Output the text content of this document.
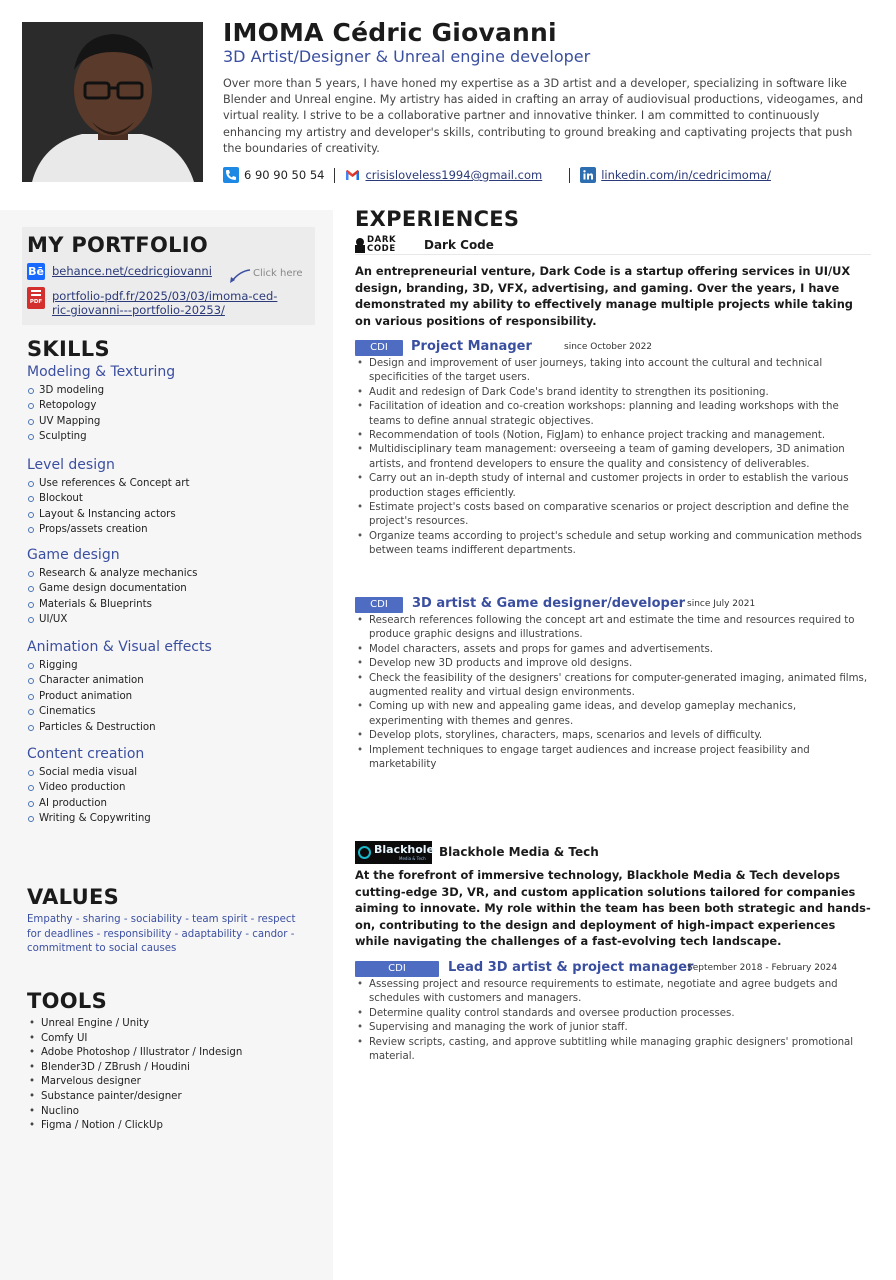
IMOMA Cédric Giovanni
3D Artist/Designer & Unreal engine developer
Over more than 5 years, I have honed my expertise as a 3D artist and a developer, specializing in software like Blender and Unreal engine. My artistry has aided in crafting an array of audiovisual productions, videogames, and virtual reality. I strive to be a collaborative partner and innovative thinker. I am committed to continuously enhancing my artistry and developer's skills, contributing to ground breaking and captivating projects that push the boundaries of creativity.
6 90 90 50 54	crisisloveless1994@gmail.com	linkedin.com/in/cedricimoma/
MY PORTFOLIO
Bē behance.net/cedricgiovanni	Click here
PDF portfolio-pdf.fr/2025/03/03/imoma-ced-
ric-giovanni---portfolio-20253/
SKILLS
Modeling & Texturing
3D modeling
Retopology
UV Mapping
Sculpting
Level design
Use references & Concept art
Blockout
Layout & Instancing actors
Props/assets creation
Game design
Research & analyze mechanics
Game design documentation
Materials & Blueprints
UI/UX
Animation & Visual effects
Rigging
Character animation
Product animation
Cinematics
Particles & Destruction
Content creation
Social media visual
Video production
AI production
Writing & Copywriting
VALUES
Empathy - sharing - sociability - team spirit - respect for deadlines - responsibility - adaptability - candor - commitment to social causes
TOOLS
• Unreal Engine / Unity
• Comfy UI
• Adobe Photoshop / Illustrator / Indesign
• Blender3D / ZBrush / Houdini
• Marvelous designer
• Substance painter/designer
• Nuclino
• Figma / Notion / ClickUp
EXPERIENCES
DARK
CODE Dark Code
An entrepreneurial venture, Dark Code is a startup offering services in UI/UX design, branding, 3D, VFX, advertising, and gaming. Over the years, I have demonstrated my ability to effectively manage multiple projects while taking on various positions of responsibility.
CDI	Project Manager	since October 2022
• Design and improvement of user journeys, taking into account the cultural and technical specificities of the target users.
• Audit and redesign of Dark Code's brand identity to strengthen its positioning.
• Facilitation of ideation and co-creation workshops: planning and leading workshops with the teams to define annual strategic objectives.
• Recommendation of tools (Notion, FigJam) to enhance project tracking and management.
• Multidisciplinary team management: overseeing a team of gaming developers, 3D animation artists, and frontend developers to ensure the quality and consistency of deliverables.
• Carry out an in-depth study of internal and customer projects in order to establish the various production stages efficiently.
• Estimate project's costs based on comparative scenarios or project description and define the project's resources.
• Organize teams according to project's schedule and setup working and communication methods between teams indifferent departments.
CDI	3D artist & Game designer/developer since July 2021
• Research references following the concept art and estimate the time and resources required to produce graphic designs and illustrations.
• Model characters, assets and props for games and advertisements.
• Develop new 3D products and improve old designs.
• Check the feasibility of the designers' creations for computer-generated imaging, animated films, augmented reality and virtual design environments.
• Coming up with new and appealing game ideas, and develop gameplay mechanics, experimenting with themes and genres.
• Develop plots, storylines, characters, maps, scenarios and levels of difficulty.
• Implement techniques to engage target audiences and increase project feasibility and marketability
Blackhole
Media & Tech Blackhole Media & Tech
At the forefront of immersive technology, Blackhole Media & Tech develops cutting-edge 3D, VR, and custom application solutions tailored for companies aiming to innovate. My role within the team has been both strategic and hands-on, contributing to the design and deployment of high-impact experiences while navigating the challenges of a fast-evolving tech landscape.
CDI	Lead 3D artist & project manager
September 2018 - February 2024
• Assessing project and resource requirements to estimate, negotiate and agree budgets and schedules with customers and managers.
• Determine quality control standards and oversee production processes.
• Supervising and managing the work of junior staff.
• Review scripts, casting, and approve subtitling while managing graphic designers' promotional material.
